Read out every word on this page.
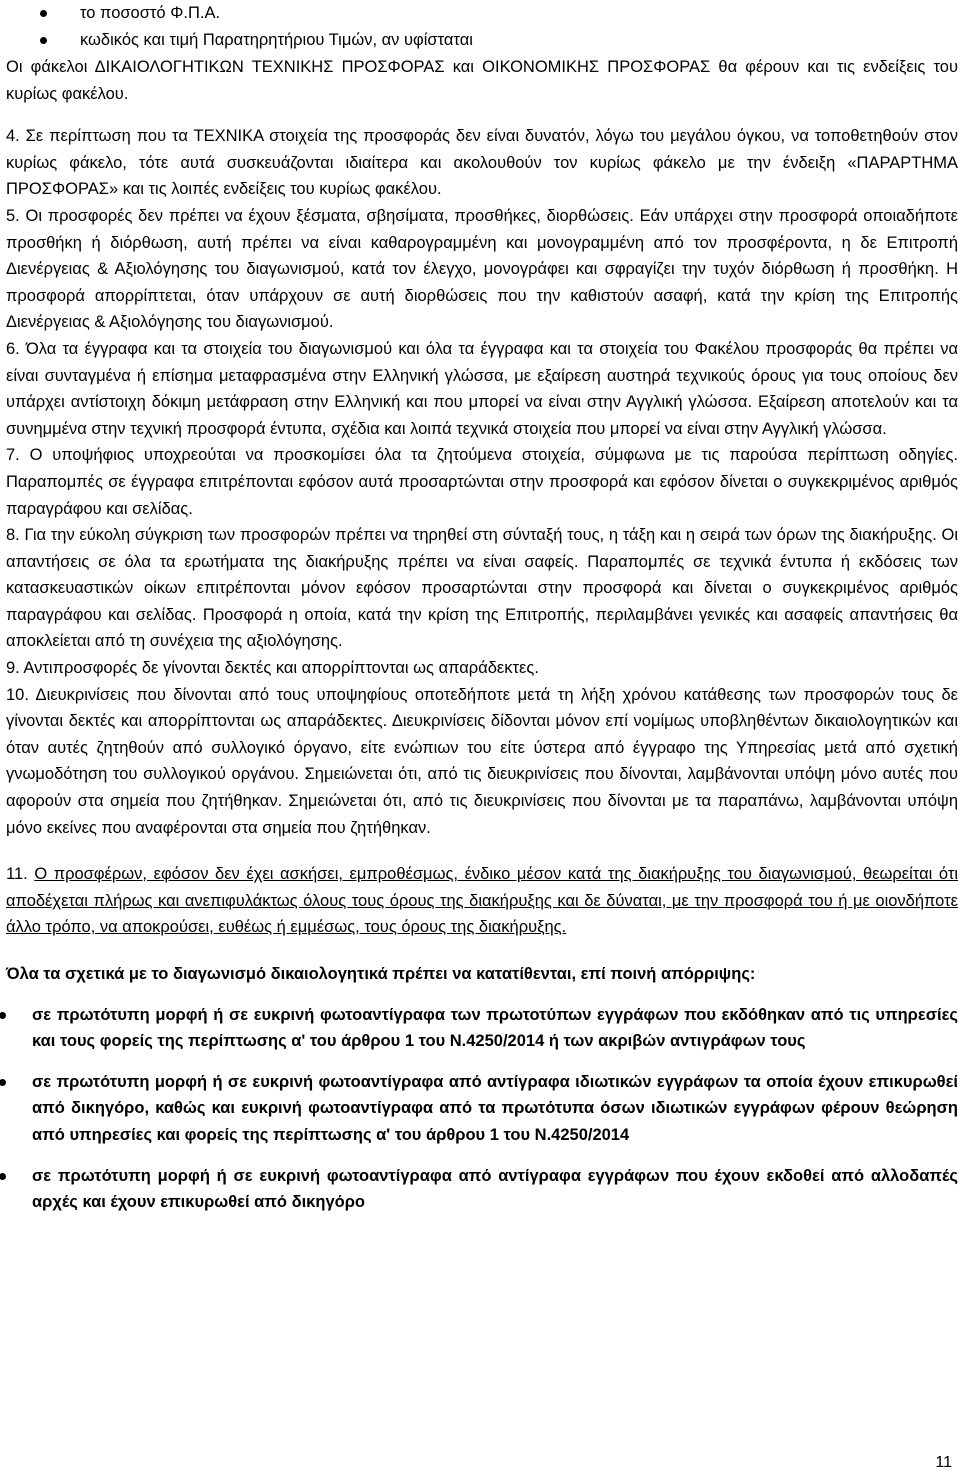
το ποσοστό Φ.Π.Α.
κωδικός και τιμή Παρατηρητήριου Τιμών, αν υφίσταται

Οι φάκελοι ΔΙΚΑΙΟΛΟΓΗΤΙΚΩΝ ΤΕΧΝΙΚΗΣ ΠΡΟΣΦΟΡΑΣ και ΟΙΚΟΝΟΜΙΚΗΣ ΠΡΟΣΦΟΡΑΣ θα φέρουν και τις ενδείξεις του κυρίως φακέλου.

4. Σε περίπτωση που τα ΤΕΧΝΙΚΑ στοιχεία της προσφοράς δεν είναι δυνατόν, λόγω του μεγάλου όγκου, να τοποθετηθούν στον κυρίως φάκελο, τότε αυτά συσκευάζονται ιδιαίτερα και ακολουθούν τον κυρίως φάκελο με την ένδειξη «ΠΑΡΑΡΤΗΜΑ ΠΡΟΣΦΟΡΑΣ» και τις λοιπές ενδείξεις του κυρίως φακέλου.

5. Οι προσφορές δεν πρέπει να έχουν ξέσματα, σβησίματα, προσθήκες, διορθώσεις. Εάν υπάρχει στην προσφορά οποιαδήποτε προσθήκη ή διόρθωση, αυτή πρέπει να είναι καθαρογραμμένη και μονογραμμένη από τον προσφέροντα, η δε Επιτροπή Διενέργειας & Αξιολόγησης του διαγωνισμού, κατά τον έλεγχο, μονογράφει και σφραγίζει την τυχόν διόρθωση ή προσθήκη. Η προσφορά απορρίπτεται, όταν υπάρχουν σε αυτή διορθώσεις που την καθιστούν ασαφή, κατά την κρίση της Επιτροπής Διενέργειας & Αξιολόγησης του διαγωνισμού.

6. Όλα τα έγγραφα και τα στοιχεία του διαγωνισμού και όλα τα έγγραφα και τα στοιχεία του Φακέλου προσφοράς θα πρέπει να είναι συνταγμένα ή επίσημα μεταφρασμένα στην Ελληνική γλώσσα, με εξαίρεση αυστηρά τεχνικούς όρους για τους οποίους δεν υπάρχει αντίστοιχη δόκιμη μετάφραση στην Ελληνική και που μπορεί να είναι στην Αγγλική γλώσσα. Εξαίρεση αποτελούν και τα συνημμένα στην τεχνική προσφορά έντυπα, σχέδια και λοιπά τεχνικά στοιχεία που μπορεί να είναι στην Αγγλική γλώσσα.

7. Ο υποψήφιος υποχρεούται να προσκομίσει όλα τα ζητούμενα στοιχεία, σύμφωνα με τις παρούσα περίπτωση οδηγίες. Παραπομπές σε έγγραφα επιτρέπονται εφόσον αυτά προσαρτώνται στην προσφορά και εφόσον δίνεται ο συγκεκριμένος αριθμός παραγράφου και σελίδας.

8. Για την εύκολη σύγκριση των προσφορών πρέπει να τηρηθεί στη σύνταξή τους, η τάξη και η σειρά των όρων της διακήρυξης. Οι απαντήσεις σε όλα τα ερωτήματα της διακήρυξης πρέπει να είναι σαφείς. Παραπομπές σε τεχνικά έντυπα ή εκδόσεις των κατασκευαστικών οίκων επιτρέπονται μόνον εφόσον προσαρτώνται στην προσφορά και δίνεται ο συγκεκριμένος αριθμός παραγράφου και σελίδας. Προσφορά η οποία, κατά την κρίση της Επιτροπής, περιλαμβάνει γενικές και ασαφείς απαντήσεις θα αποκλείεται από τη συνέχεια της αξιολόγησης.

9. Αντιπροσφορές δε γίνονται δεκτές και απορρίπτονται ως απαράδεκτες.

10. Διευκρινίσεις που δίνονται από τους υποψηφίους οποτεδήποτε μετά τη λήξη χρόνου κατάθεσης των προσφορών τους δε γίνονται δεκτές και απορρίπτονται ως απαράδεκτες. Διευκρινίσεις δίδονται μόνον επί νομίμως υποβληθέντων δικαιολογητικών και όταν αυτές ζητηθούν από συλλογικό όργανο, είτε ενώπιων του είτε ύστερα από έγγραφο της Υπηρεσίας μετά από σχετική γνωμοδότηση του συλλογικού οργάνου. Σημειώνεται ότι, από τις διευκρινίσεις που δίνονται, λαμβάνονται υπόψη μόνο αυτές που αφορούν στα σημεία που ζητήθηκαν. Σημειώνεται ότι, από τις διευκρινίσεις που δίνονται με τα παραπάνω, λαμβάνονται υπόψη μόνο εκείνες που αναφέρονται στα σημεία που ζητήθηκαν.

11. Ο προσφέρων, εφόσον δεν έχει ασκήσει, εμπροθέσμως, ένδικο μέσον κατά της διακήρυξης του διαγωνισμού, θεωρείται ότι αποδέχεται πλήρως και ανεπιφυλάκτως όλους τους όρους της διακήρυξης και δε δύναται, με την προσφορά του ή με οιονδήποτε άλλο τρόπο, να αποκρούσει, ευθέως ή εμμέσως, τους όρους της διακήρυξης.

Όλα τα σχετικά με το διαγωνισμό δικαιολογητικά πρέπει να κατατίθενται, επί ποινή απόρριψης:

σε πρωτότυπη μορφή ή σε ευκρινή φωτοαντίγραφα των πρωτοτύπων εγγράφων που εκδόθηκαν από τις υπηρεσίες και τους φορείς της περίπτωσης α' του άρθρου 1 του Ν.4250/2014 ή των ακριβών αντιγράφων τους
σε πρωτότυπη μορφή ή σε ευκρινή φωτοαντίγραφα από αντίγραφα ιδιωτικών εγγράφων τα οποία έχουν επικυρωθεί από δικηγόρο, καθώς και ευκρινή φωτοαντίγραφα από τα πρωτότυπα όσων ιδιωτικών εγγράφων φέρουν θεώρηση από υπηρεσίες και φορείς της περίπτωσης α' του άρθρου 1 του Ν.4250/2014
σε πρωτότυπη μορφή ή σε ευκρινή φωτοαντίγραφα από αντίγραφα εγγράφων που έχουν εκδοθεί από αλλοδαπές αρχές και έχουν επικυρωθεί από δικηγόρο
11
